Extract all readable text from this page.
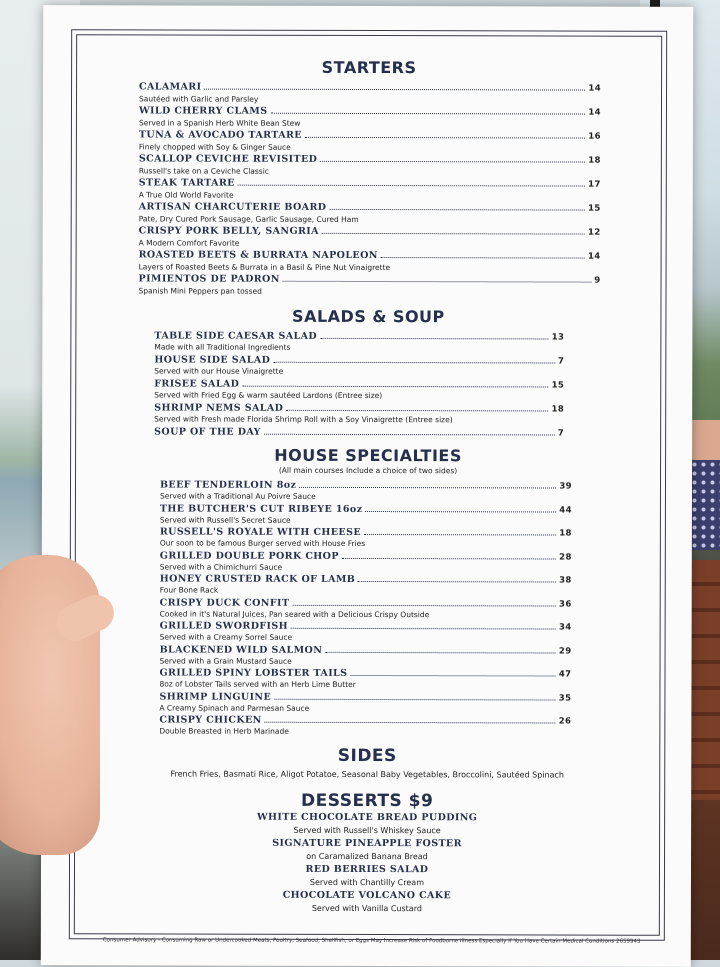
STARTERS
CALAMARI	14
Sautéed with Garlic and Parsley
WILD CHERRY CLAMS	14
Served in a Spanish Herb White Bean Stew
TUNA & AVOCADO TARTARE	16
Finely chopped with Soy & Ginger Sauce
SCALLOP CEVICHE REVISITED	18
Russell's take on a Ceviche Classic
STEAK TARTARE	17
A True Old World Favorite
ARTISAN CHARCUTERIE BOARD	15
Pate, Dry Cured Pork Sausage, Garlic Sausage, Cured Ham
CRISPY PORK BELLY, SANGRIA	12
A Modern Comfort Favorite
ROASTED BEETS & BURRATA NAPOLEON	14
Layers of Roasted Beets & Burrata in a Basil & Pine Nut Vinaigrette
PIMIENTOS DE PADRON	9
Spanish Mini Peppers pan tossed
SALADS & SOUP
TABLE SIDE CAESAR SALAD	13
Made with all Traditional Ingredients
HOUSE SIDE SALAD	7
Served with our House Vinaigrette
FRISEE SALAD	15
Served with Fried Egg & warm sautéed Lardons (Entree size)
SHRIMP NEMS SALAD	18
Served with Fresh made Florida Shrimp Roll with a Soy Vinaigrette (Entree size)
SOUP OF THE DAY	7
HOUSE SPECIALTIES
(All main courses Include a choice of two sides)
BEEF TENDERLOIN 8oz	39
Served with a Traditional Au Poivre Sauce
THE BUTCHER'S CUT RIBEYE 16oz	44
Served with Russell's Secret Sauce
RUSSELL'S ROYALE WITH CHEESE	18
Our soon to be famous Burger served with House Fries
GRILLED DOUBLE PORK CHOP	28
Served with a Chimichurri Sauce
HONEY CRUSTED RACK OF LAMB	38
Four Bone Rack
CRISPY DUCK CONFIT	36
Cooked in it's Natural Juices, Pan seared with a Delicious Crispy Outside
GRILLED SWORDFISH	34
Served with a Creamy Sorrel Sauce
BLACKENED WILD SALMON	29
Served with a Grain Mustard Sauce
GRILLED SPINY LOBSTER TAILS	47
8oz of Lobster Tails served with an Herb Lime Butter
SHRIMP LINGUINE	35
A Creamy Spinach and Parmesan Sauce
CRISPY CHICKEN	26
Double Breasted in Herb Marinade
SIDES
French Fries, Basmati Rice, Aligot Potatoe, Seasonal Baby Vegetables, Broccolini, Sautéed Spinach
DESSERTS $9
WHITE CHOCOLATE BREAD PUDDING
Served with Russell's Whiskey Sauce
SIGNATURE PINEAPPLE FOSTER
on Caramalized Banana Bread
RED BERRIES SALAD
Served with Chantilly Cream
CHOCOLATE VOLCANO CAKE
Served with Vanilla Custard
Consumer Advisory - Consuming Raw or Undercooked Meats, Poultry, Seafood, Shellfish, or Eggs May Increase Risk of Foodborne Illness Especially If You Have Certain Medical Conditions 2659943
